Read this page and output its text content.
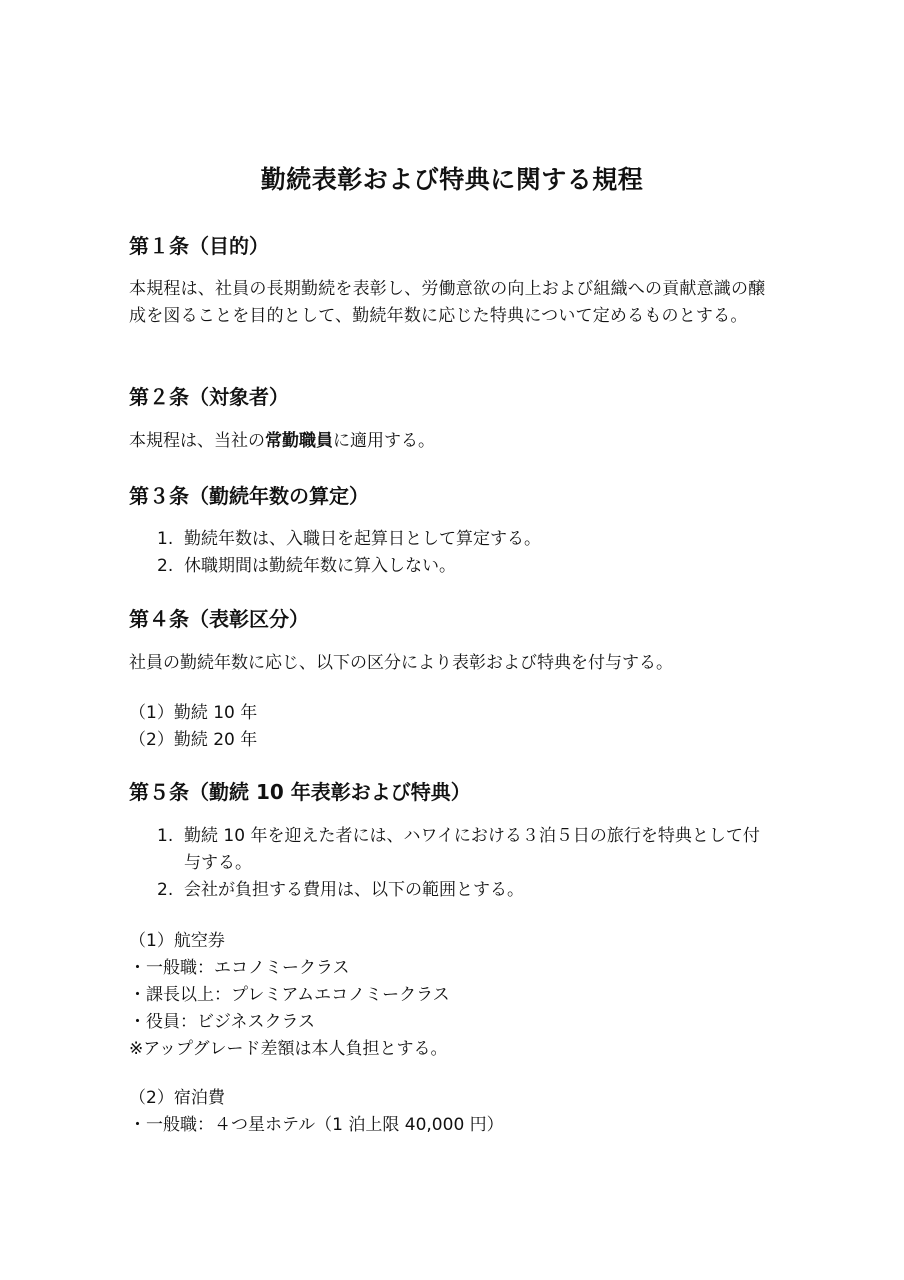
勤続表彰および特典に関する規程
第１条（目的）
本規程は、社員の長期勤続を表彰し、労働意欲の向上および組織への貢献意識の醸成を図ることを目的として、勤続年数に応じた特典について定めるものとする。
第２条（対象者）
本規程は、当社の常勤職員に適用する。
第３条（勤続年数の算定）
1. 勤続年数は、入職日を起算日として算定する。
2. 休職期間は勤続年数に算入しない。
第４条（表彰区分）
社員の勤続年数に応じ、以下の区分により表彰および特典を付与する。
（1）勤続 10 年
（2）勤続 20 年
第５条（勤続 10 年表彰および特典）
1. 勤続 10 年を迎えた者には、ハワイにおける３泊５日の旅行を特典として付与する。
2. 会社が負担する費用は、以下の範囲とする。
（1）航空券
・一般職：エコノミークラス
・課長以上：プレミアムエコノミークラス
・役員：ビジネスクラス
※アップグレード差額は本人負担とする。
（2）宿泊費
・一般職：４つ星ホテル（1 泊上限 40,000 円）
